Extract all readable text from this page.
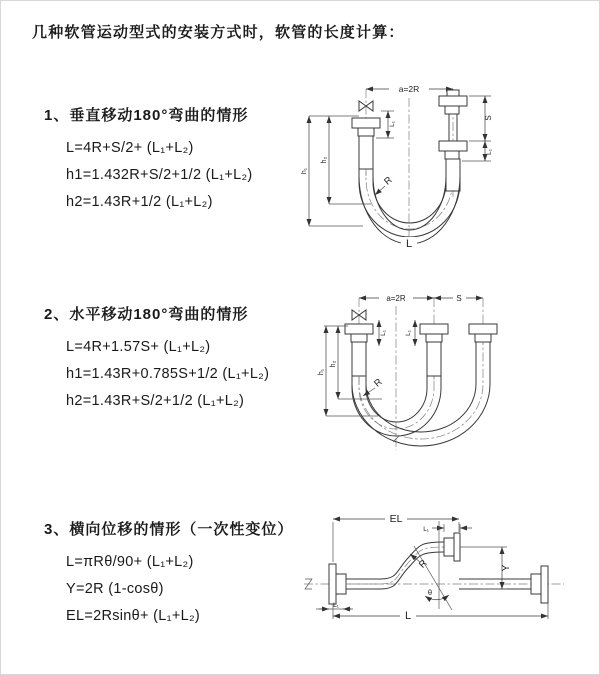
几种软管运动型式的安装方式时，软管的长度计算：
1、垂直移动180°弯曲的情形
L=4R+S/2+ (L₁+L₂)
h1=1.432R+S/2+1/2 (L₁+L₂)
h2=1.43R+1/2 (L₁+L₂)
2、水平移动180°弯曲的情形
L=4R+1.57S+ (L₁+L₂)
h1=1.43R+0.785S+1/2 (L₁+L₂)
h2=1.43R+S/2+1/2 (L₁+L₂)
3、横向位移的情形（一次性变位）
L=πRθ/90+ (L₁+L₂)
Y=2R (1-cosθ)
EL=2Rsinθ+ (L₁+L₂)
a=2R
h₁
h₂
L₁
S
L₁
R
L
a=2R	S
h₁
h₂
L₁	L₁
R
EL
L₁
Y
θ
R
L₁
L
